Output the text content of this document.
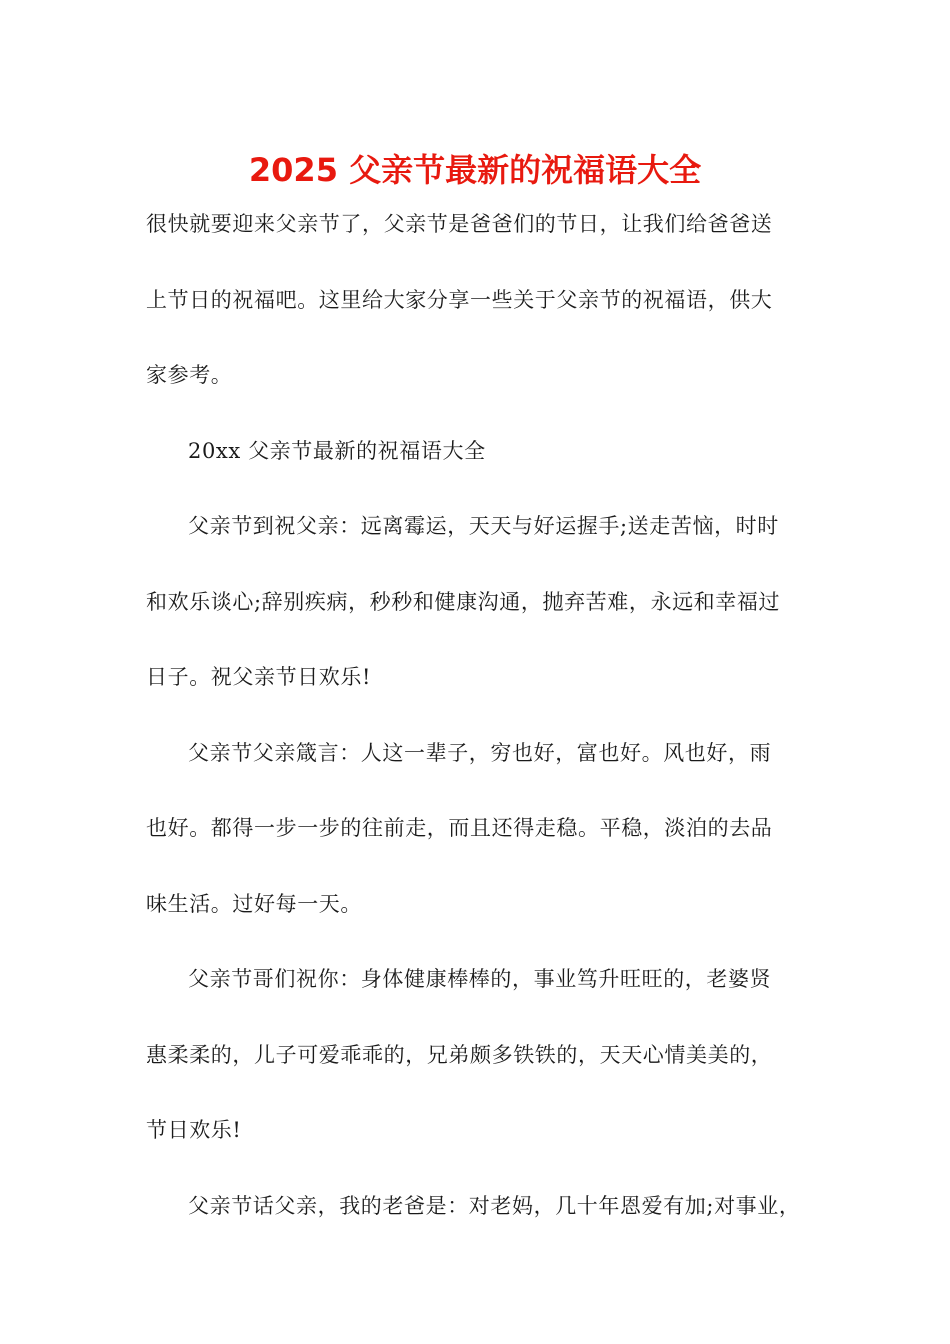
2025 父亲节最新的祝福语大全
很快就要迎来父亲节了，父亲节是爸爸们的节日，让我们给爸爸送
上节日的祝福吧。这里给大家分享一些关于父亲节的祝福语，供大
家参考。
20xx 父亲节最新的祝福语大全
父亲节到祝父亲：远离霉运，天天与好运握手;送走苦恼，时时
和欢乐谈心;辞别疾病，秒秒和健康沟通，抛弃苦难，永远和幸福过
日子。祝父亲节日欢乐!
父亲节父亲箴言：人这一辈子，穷也好，富也好。风也好，雨
也好。都得一步一步的往前走，而且还得走稳。平稳，淡泊的去品
味生活。过好每一天。
父亲节哥们祝你：身体健康棒棒的，事业笃升旺旺的，老婆贤
惠柔柔的，儿子可爱乖乖的，兄弟颇多铁铁的，天天心情美美的，
节日欢乐!
父亲节话父亲，我的老爸是：对老妈，几十年恩爱有加;对事业，
